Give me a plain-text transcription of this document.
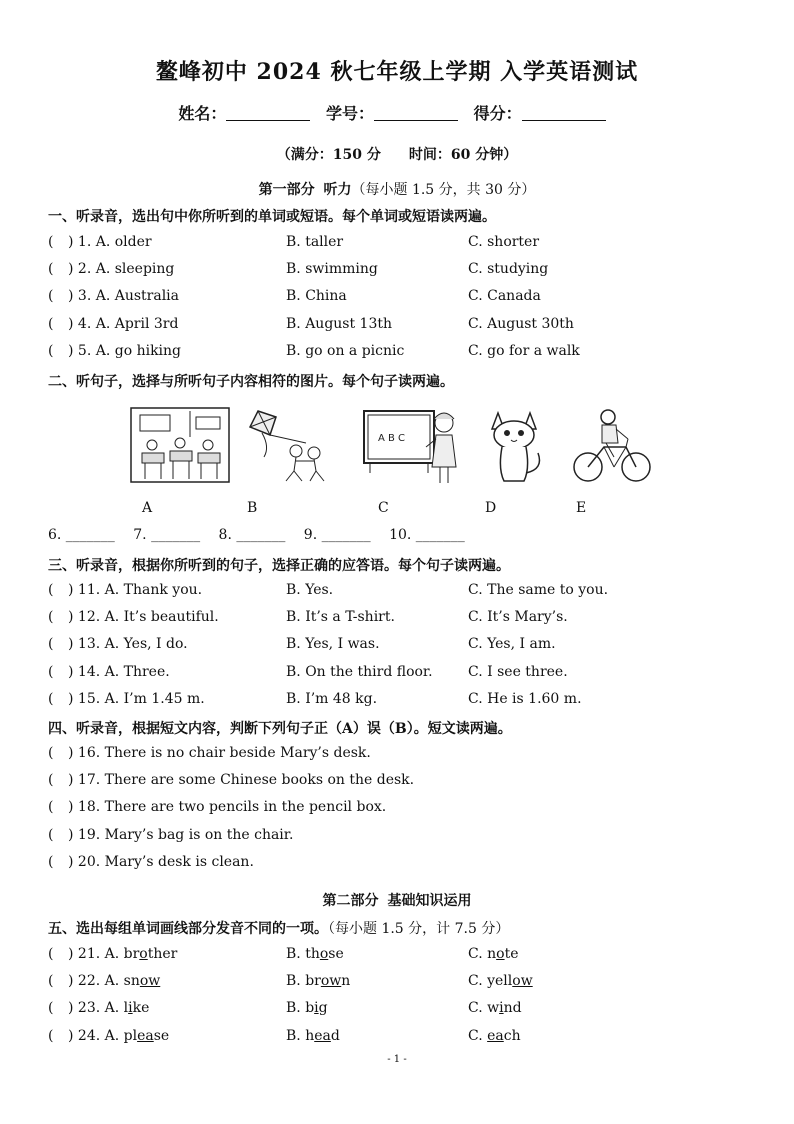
鳌峰初中 2024 秋七年级上学期 入学英语测试
姓名：	学号：	得分：
（满分：150 分 时间：60 分钟）
第一部分 听力（每小题 1.5 分，共 30 分）
一、听录音，选出句中你所听到的单词或短语。每个单词或短语读两遍。
( ) 1. A. older	B. taller	C. shorter
( ) 2. A. sleeping	B. swimming	C. studying
( ) 3. A. Australia	B. China	C. Canada
( ) 4. A. April 3rd	B. August 13th	C. August 30th
( ) 5. A. go hiking	B. go on a picnic	C. go for a walk
二、听句子，选择与所听句子内容相符的图片。每个句子读两遍。
A B C
A	B	C	D	E
6. _______ 7. _______ 8. _______ 9. _______ 10. _______
三、听录音，根据你所听到的句子，选择正确的应答语。每个句子读两遍。
( ) 11. A. Thank you.	B. Yes.	C. The same to you.
( ) 12. A. It’s beautiful.	B. It’s a T-shirt.	C. It’s Mary’s.
( ) 13. A. Yes, I do.	B. Yes, I was.	C. Yes, I am.
( ) 14. A. Three.	B. On the third floor.	C. I see three.
( ) 15. A. I’m 1.45 m.	B. I’m 48 kg.	C. He is 1.60 m.
四、听录音，根据短文内容，判断下列句子正（A）误（B）。短文读两遍。
( ) 16. There is no chair beside Mary’s desk.
( ) 17. There are some Chinese books on the desk.
( ) 18. There are two pencils in the pencil box.
( ) 19. Mary’s bag is on the chair.
( ) 20. Mary’s desk is clean.
第二部分 基础知识运用
五、选出每组单词画线部分发音不同的一项。（每小题 1.5 分，计 7.5 分）
( ) 21. A. brother	B. those	C. note
( ) 22. A. snow	B. brown	C. yellow
( ) 23. A. like	B. big	C. wind
( ) 24. A. please	B. head	C. each
- 1 -
